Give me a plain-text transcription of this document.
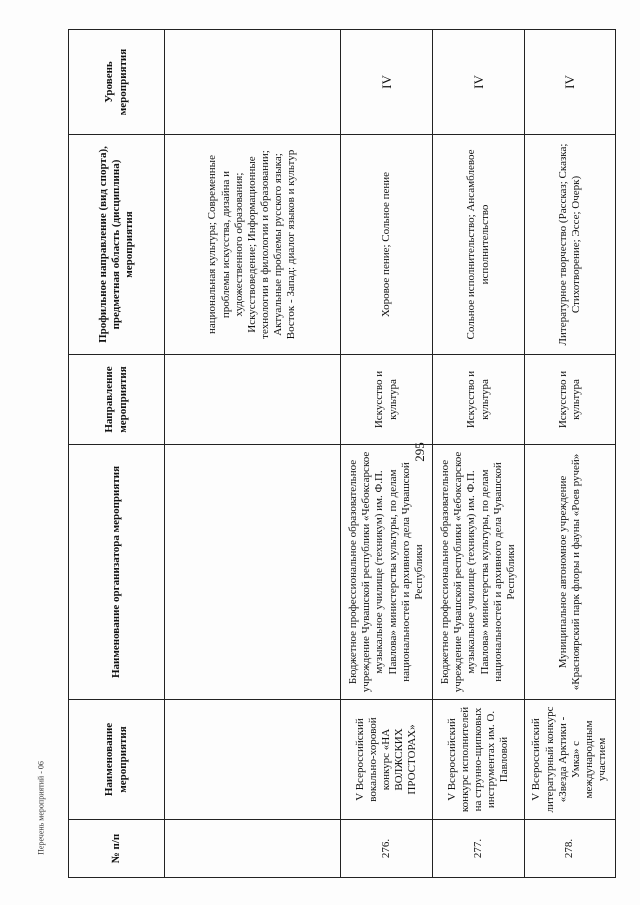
295
№ п/п	Наименование мероприятия	Наименование организатора мероприятия	Направление мероприятия	Профильное направление (вид спорта), предметная область (дисциплина) мероприятия	Уровень мероприятия
				национальная культура; Современные проблемы искусства, дизайна и художественного образования; Искусствоведение; Информационные технологии в филологии и образовании; Актуальные проблемы русского языка; Восток - Запад: диалог языков и культур	
276.	V Всероссийский вокально-хоровой конкурс «НА ВОЛЖСКИХ ПРОСТОРАХ»	Бюджетное профессиональное образовательное учреждение Чувашской республики «Чебоксарское музыкальное училище (техникум) им. Ф.П. Павлова» министерства культуры, по делам национальностей и архивного дела Чувашской Республики	Искусство и культура	Хоровое пение; Сольное пение	IV
277.	V Всероссийский конкурс исполнителей на струнно-щипковых инструментах им. О. Павловой	Бюджетное профессиональное образовательное учреждение Чувашской республики «Чебоксарское музыкальное училище (техникум) им. Ф.П. Павлова» министерства культуры, по делам национальностей и архивного дела Чувашской Республики	Искусство и культура	Сольное исполнительство; Ансамблевое исполнительство	IV
278.	V Всероссийский литературный конкурс «Звезда Арктики - Умка» с международным участием	Муниципальное автономное учреждение «Красноярский парк флоры и фауны «Роев ручей»	Искусство и культура	Литературное творчество (Рассказ; Сказка; Стихотворение; Эссе; Очерк)	IV
Перечень мероприятий - 06
